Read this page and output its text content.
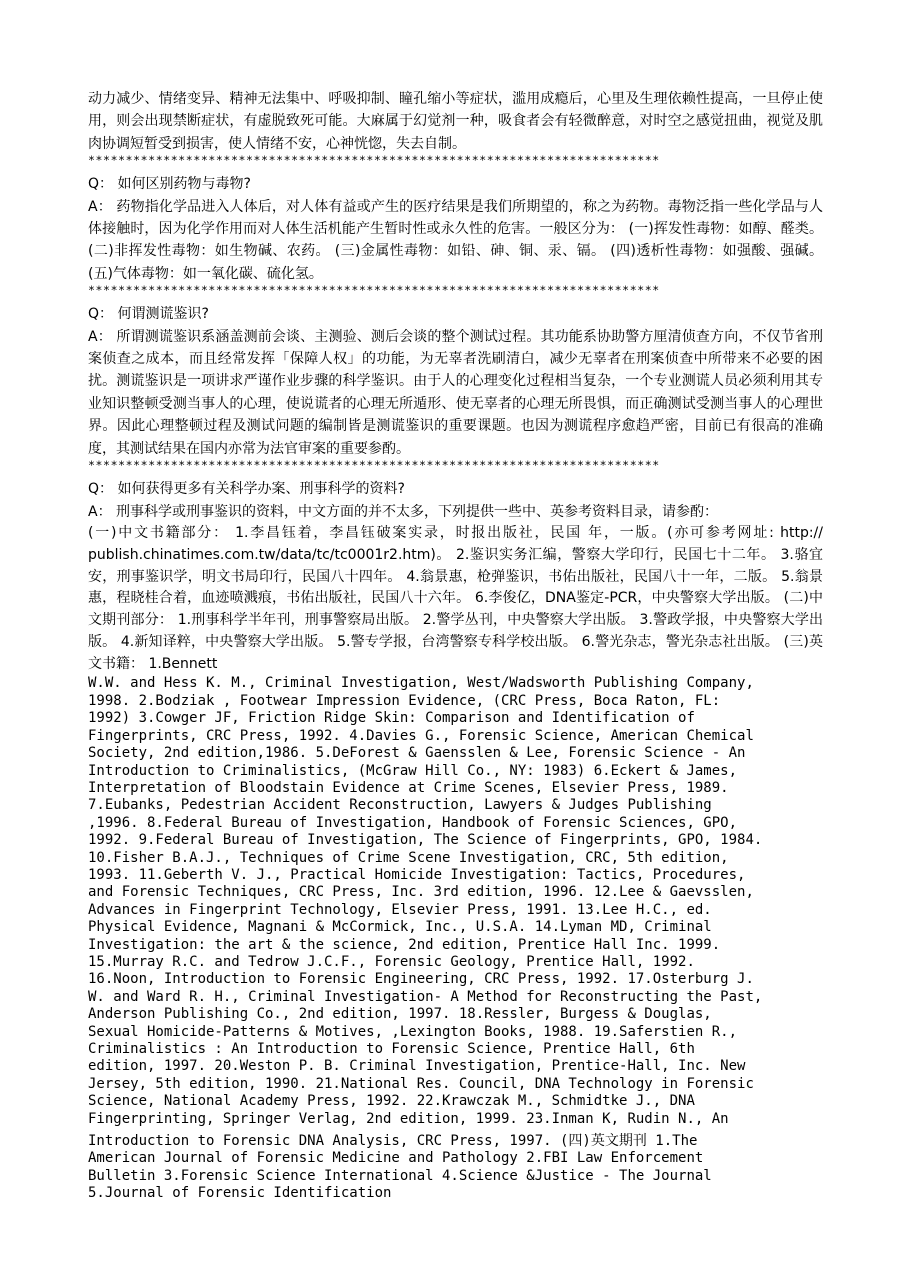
动力减少、情绪变异、精神无法集中、呼吸抑制、瞳孔缩小等症状，滥用成瘾后，心里及生理依赖性提高，一旦停止使用，则会出现禁断症状，有虚脱致死可能。大麻属于幻觉剂一种，吸食者会有轻微醉意，对时空之感觉扭曲，视觉及肌肉协调短暂受到损害，使人情绪不安，心神恍惚，失去自制。
****************************************************************************
Q： 如何区别药物与毒物?
A： 药物指化学品进入人体后，对人体有益或产生的医疗结果是我们所期望的，称之为药物。毒物泛指一些化学品与人体接触时，因为化学作用而对人体生活机能产生暂时性或永久性的危害。一般区分为： (一)挥发性毒物：如醇、醛类。 (二)非挥发性毒物：如生物碱、农药。 (三)金属性毒物：如铅、砷、铜、汞、镉。 (四)透析性毒物：如强酸、强碱。 (五)气体毒物：如一氧化碳、硫化氢。
****************************************************************************
Q： 何谓测谎鉴识?
A： 所谓测谎鉴识系涵盖测前会谈、主测验、测后会谈的整个测试过程。其功能系协助警方厘清侦查方向，不仅节省刑案侦查之成本，而且经常发挥「保障人权」的功能，为无辜者洗刷清白，减少无辜者在刑案侦查中所带来不必要的困扰。测谎鉴识是一项讲求严谨作业步骤的科学鉴识。由于人的心理变化过程相当复杂，一个专业测谎人员必须利用其专业知识整顿受测当事人的心理，使说谎者的心理无所遁形、使无辜者的心理无所畏惧，而正确测试受测当事人的心理世界。因此心理整顿过程及测试问题的编制皆是测谎鉴识的重要课题。也因为测谎程序愈趋严密，目前已有很高的准确度，其测试结果在国内亦常为法官审案的重要参酌。
****************************************************************************
Q： 如何获得更多有关科学办案、刑事科学的资料?
A： 刑事科学或刑事鉴识的资料，中文方面的并不太多，下列提供一些中、英参考资料目录，请参酌：
(一)中文书籍部分： 1.李昌钰着，李昌钰破案实录，时报出版社，民国 年，一版。(亦可参考网址: http:// publish.chinatimes.com.tw/data/tc/tc0001r2.htm)。 2.鉴识实务汇编，警察大学印行，民国七十二年。 3.骆宜安，刑事鉴识学，明文书局印行，民国八十四年。 4.翁景惠，枪弹鉴识，书佑出版社，民国八十一年，二版。 5.翁景惠，程晓桂合着，血迹喷溅痕，书佑出版社，民国八十六年。 6.李俊亿，DNA鉴定-PCR，中央警察大学出版。 (二)中文期刊部分： 1.刑事科学半年刊，刑事警察局出版。 2.警学丛刊，中央警察大学出版。 3.警政学报，中央警察大学出版。 4.新知译粹，中央警察大学出版。 5.警专学报，台湾警察专科学校出版。 6.警光杂志，警光杂志社出版。 (三)英文书籍： 1.Bennett
W.W. and Hess K. M., Criminal Investigation, West/Wadsworth Publishing Company,
1998. 2.Bodziak , Footwear Impression Evidence, (CRC Press, Boca Raton, FL:
1992) 3.Cowger JF, Friction Ridge Skin: Comparison and Identification of
Fingerprints, CRC Press, 1992. 4.Davies G., Forensic Science, American Chemical
Society, 2nd edition,1986. 5.DeForest & Gaensslen & Lee, Forensic Science - An
Introduction to Criminalistics, (McGraw Hill Co., NY: 1983) 6.Eckert & James,
Interpretation of Bloodstain Evidence at Crime Scenes, Elsevier Press, 1989.
7.Eubanks, Pedestrian Accident Reconstruction, Lawyers & Judges Publishing
,1996. 8.Federal Bureau of Investigation, Handbook of Forensic Sciences, GPO,
1992. 9.Federal Bureau of Investigation, The Science of Fingerprints, GPO, 1984.
10.Fisher B.A.J., Techniques of Crime Scene Investigation, CRC, 5th edition,
1993. 11.Geberth V. J., Practical Homicide Investigation: Tactics, Procedures,
and Forensic Techniques, CRC Press, Inc. 3rd edition, 1996. 12.Lee & Gaevsslen,
Advances in Fingerprint Technology, Elsevier Press, 1991. 13.Lee H.C., ed.
Physical Evidence, Magnani & McCormick, Inc., U.S.A. 14.Lyman MD, Criminal
Investigation: the art & the science, 2nd edition, Prentice Hall Inc. 1999.
15.Murray R.C. and Tedrow J.C.F., Forensic Geology, Prentice Hall, 1992.
16.Noon, Introduction to Forensic Engineering, CRC Press, 1992. 17.Osterburg J.
W. and Ward R. H., Criminal Investigation- A Method for Reconstructing the Past,
Anderson Publishing Co., 2nd edition, 1997. 18.Ressler, Burgess & Douglas,
Sexual Homicide-Patterns & Motives, ,Lexington Books, 1988. 19.Saferstien R.,
Criminalistics : An Introduction to Forensic Science, Prentice Hall, 6th
edition, 1997. 20.Weston P. B. Criminal Investigation, Prentice-Hall, Inc. New
Jersey, 5th edition, 1990. 21.National Res. Council, DNA Technology in Forensic
Science, National Academy Press, 1992. 22.Krawczak M., Schmidtke J., DNA
Fingerprinting, Springer Verlag, 2nd edition, 1999. 23.Inman K, Rudin N., An
Introduction to Forensic DNA Analysis, CRC Press, 1997. (四)英文期刊 1.The
American Journal of Forensic Medicine and Pathology 2.FBI Law Enforcement
Bulletin 3.Forensic Science International 4.Science &Justice - The Journal
5.Journal of Forensic Identification
